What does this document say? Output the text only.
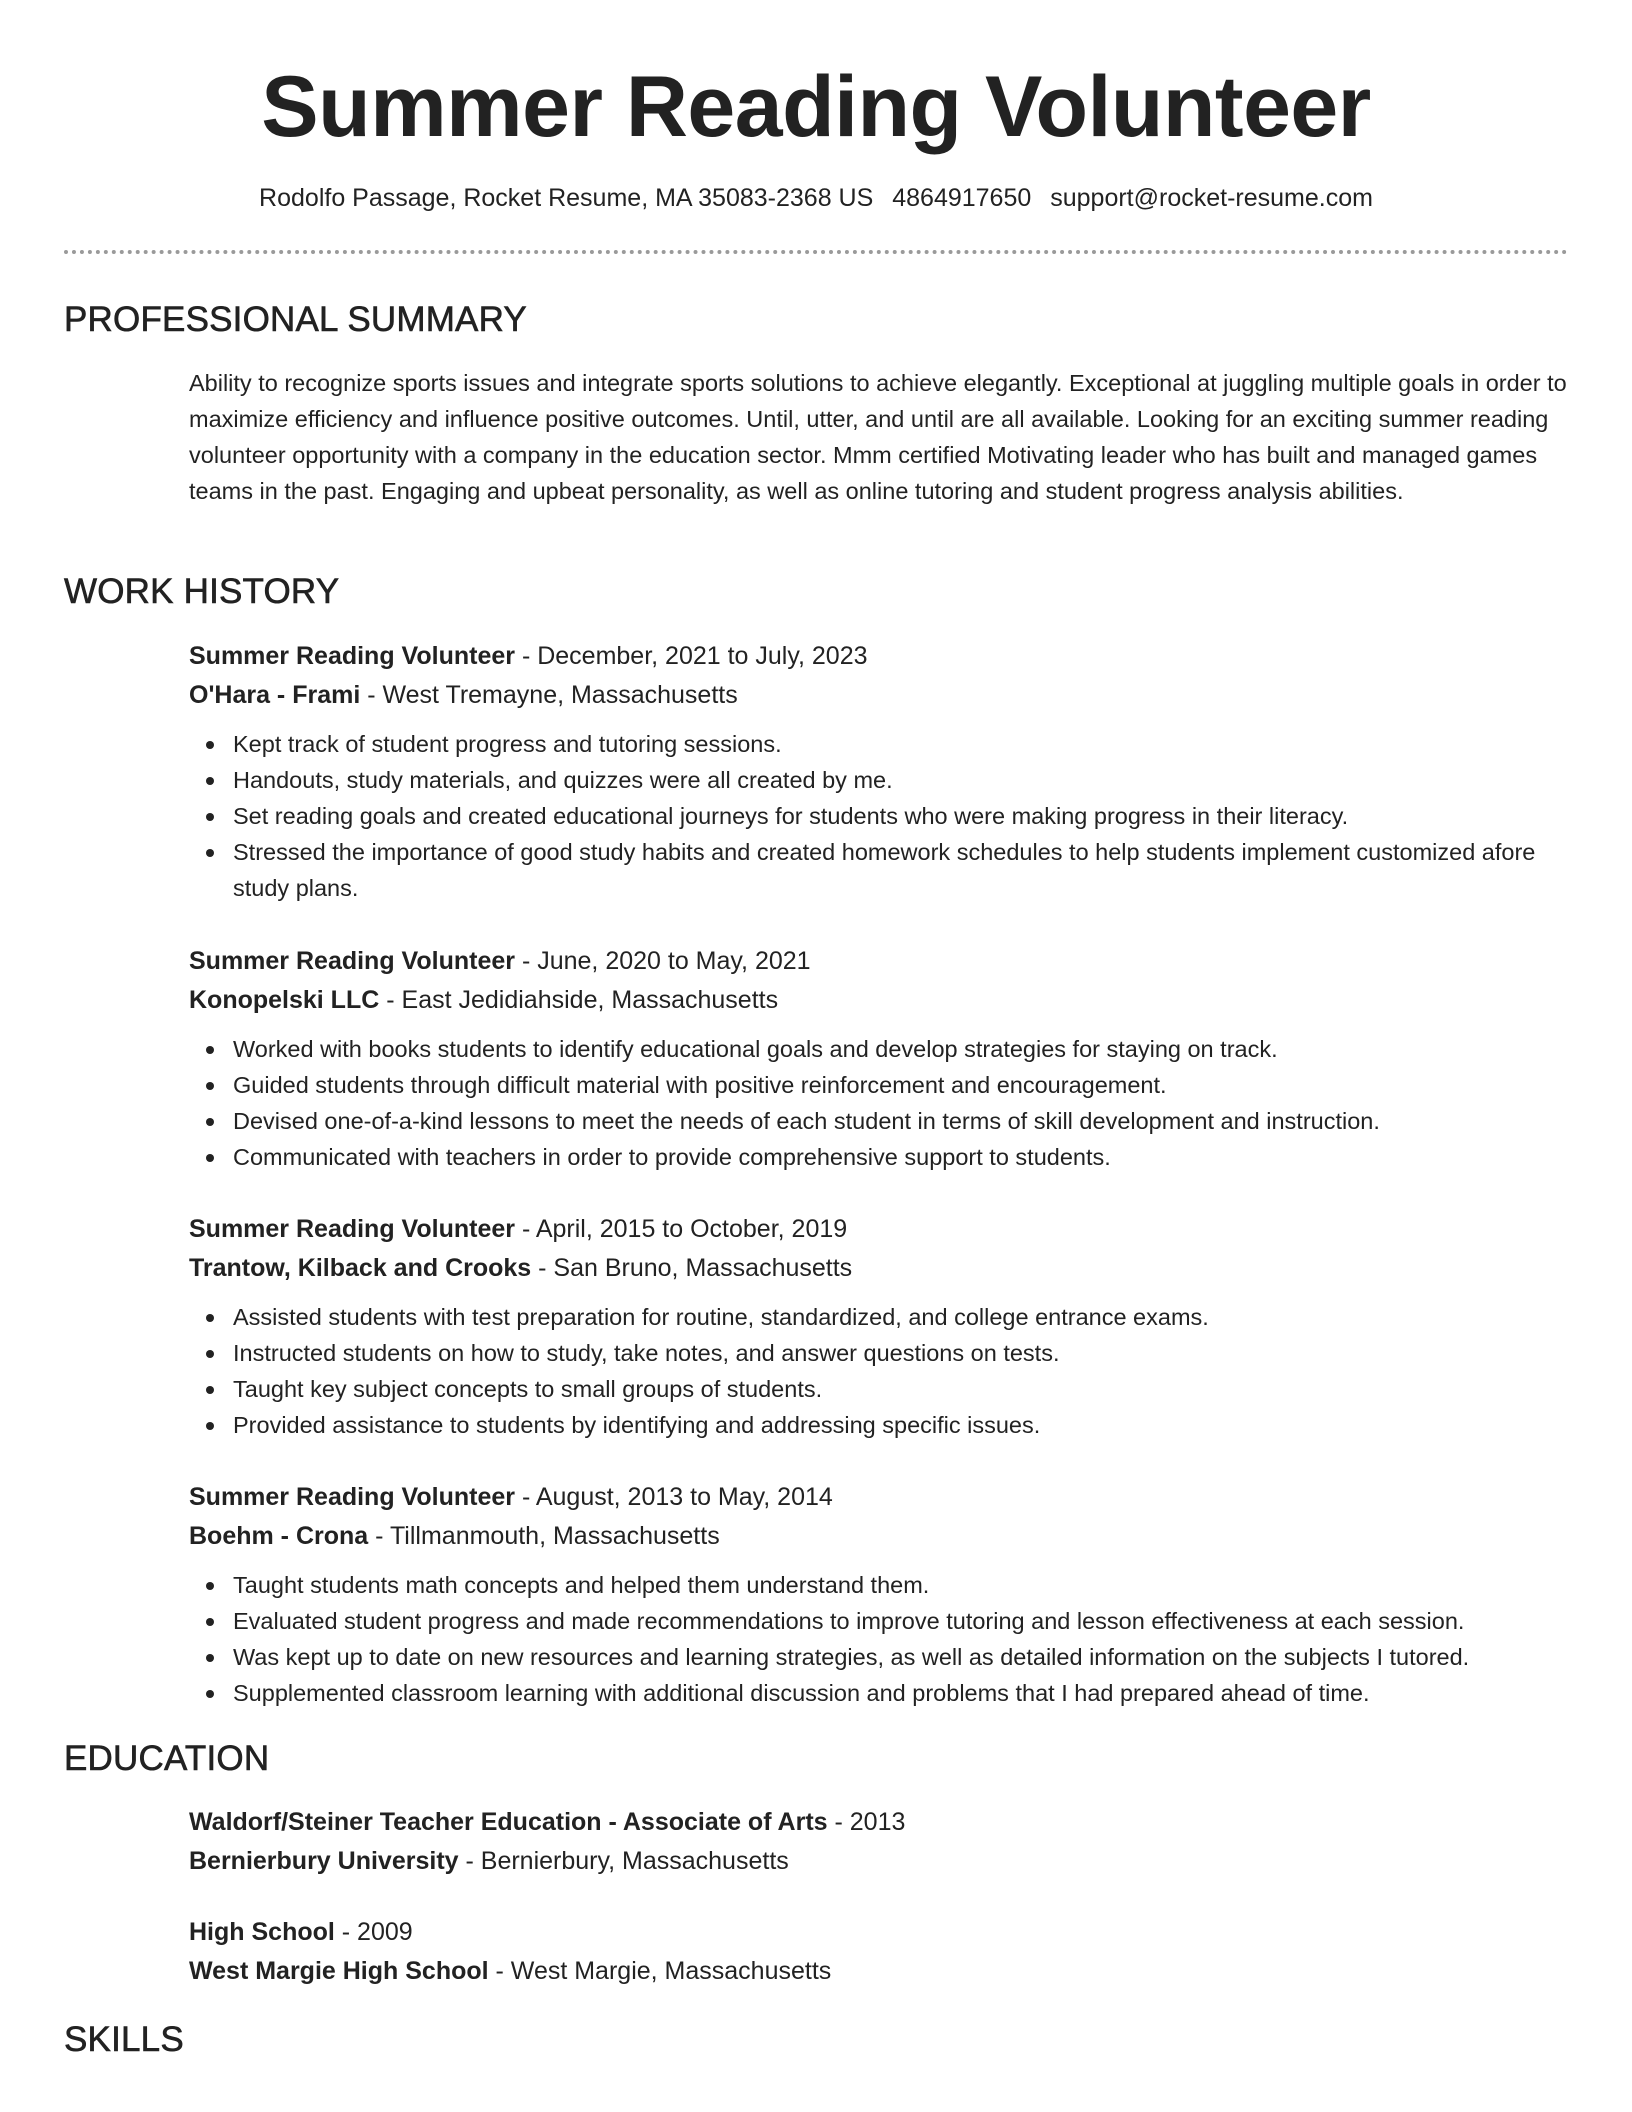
Summer Reading Volunteer
Rodolfo Passage, Rocket Resume, MA 35083-2368 US 4864917650 support@rocket-resume.com
PROFESSIONAL SUMMARY

Ability to recognize sports issues and integrate sports solutions to achieve elegantly. Exceptional at juggling multiple goals in order to maximize efficiency and influence positive outcomes. Until, utter, and until are all available. Looking for an exciting summer reading volunteer opportunity with a company in the education sector. Mmm certified Motivating leader who has built and managed games teams in the past. Engaging and upbeat personality, as well as online tutoring and student progress analysis abilities.

WORK HISTORY
Summer Reading Volunteer - December, 2021 to July, 2023
O'Hara - Frami - West Tremayne, Massachusetts
Kept track of student progress and tutoring sessions.
Handouts, study materials, and quizzes were all created by me.
Set reading goals and created educational journeys for students who were making progress in their literacy.
Stressed the importance of good study habits and created homework schedules to help students implement customized afore study plans.
Summer Reading Volunteer - June, 2020 to May, 2021
Konopelski LLC - East Jedidiahside, Massachusetts
Worked with books students to identify educational goals and develop strategies for staying on track.
Guided students through difficult material with positive reinforcement and encouragement.
Devised one-of-a-kind lessons to meet the needs of each student in terms of skill development and instruction.
Communicated with teachers in order to provide comprehensive support to students.
Summer Reading Volunteer - April, 2015 to October, 2019
Trantow, Kilback and Crooks - San Bruno, Massachusetts
Assisted students with test preparation for routine, standardized, and college entrance exams.
Instructed students on how to study, take notes, and answer questions on tests.
Taught key subject concepts to small groups of students.
Provided assistance to students by identifying and addressing specific issues.
Summer Reading Volunteer - August, 2013 to May, 2014
Boehm - Crona - Tillmanmouth, Massachusetts
Taught students math concepts and helped them understand them.
Evaluated student progress and made recommendations to improve tutoring and lesson effectiveness at each session.
Was kept up to date on new resources and learning strategies, as well as detailed information on the subjects I tutored.
Supplemented classroom learning with additional discussion and problems that I had prepared ahead of time.
EDUCATION
Waldorf/Steiner Teacher Education - Associate of Arts - 2013
Bernierbury University - Bernierbury, Massachusetts
High School - 2009
West Margie High School - West Margie, Massachusetts
SKILLS
